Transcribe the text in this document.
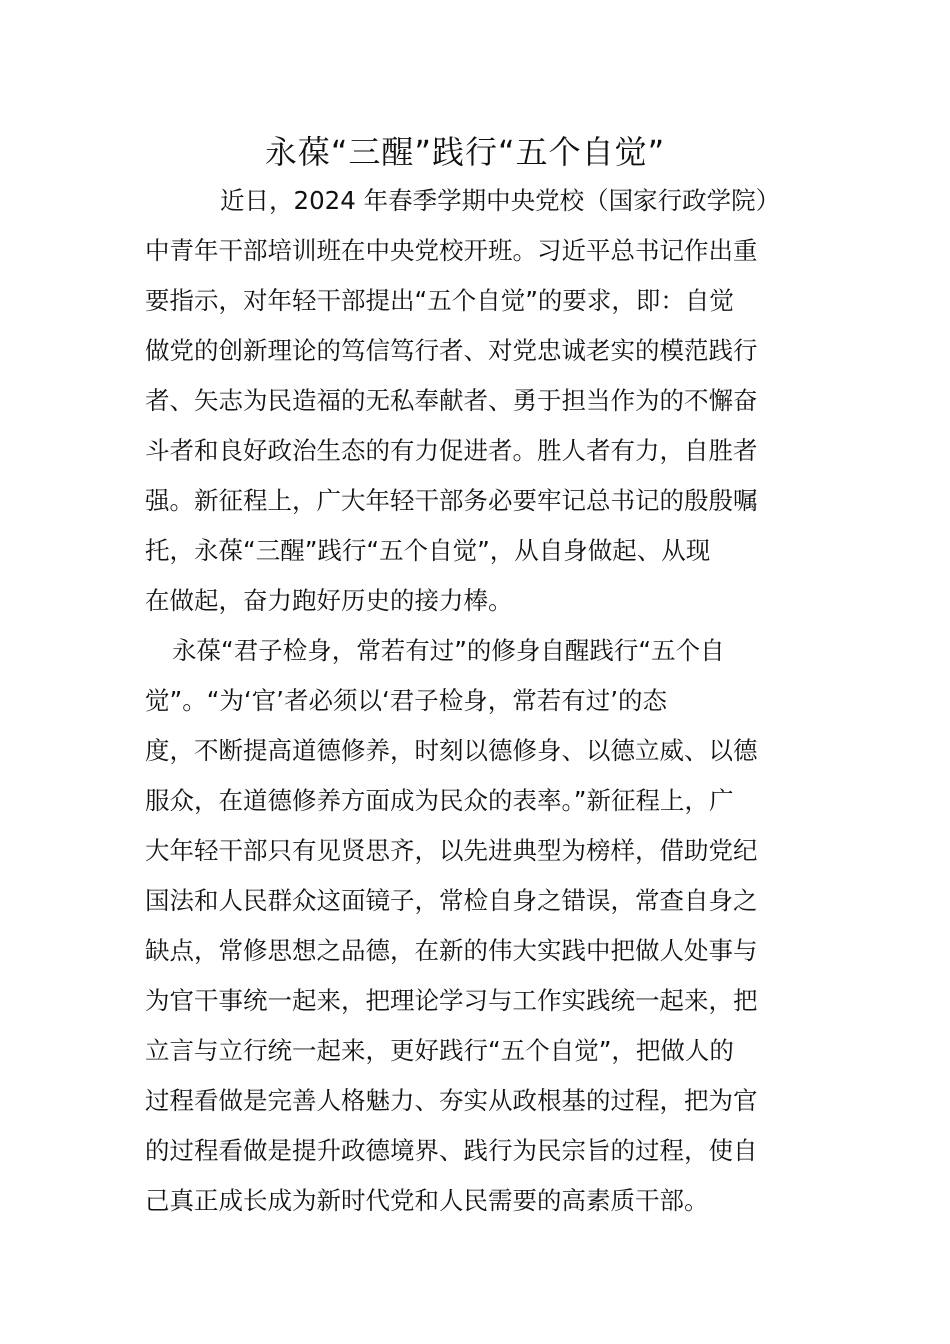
永葆“三醒”践行“五个自觉”
近日，2024 年春季学期中央党校（国家行政学院）
中青年干部培训班在中央党校开班。习近平总书记作出重
要指示，对年轻干部提出“五个自觉”的要求，即：自觉
做党的创新理论的笃信笃行者、对党忠诚老实的模范践行
者、矢志为民造福的无私奉献者、勇于担当作为的不懈奋
斗者和良好政治生态的有力促进者。胜人者有力，自胜者
强。新征程上，广大年轻干部务必要牢记总书记的殷殷嘱
托，永葆“三醒”践行“五个自觉”，从自身做起、从现
在做起，奋力跑好历史的接力棒。
永葆“君子检身，常若有过”的修身自醒践行“五个自
觉”。“为‘官’者必须以‘君子检身，常若有过’的态
度，不断提高道德修养，时刻以德修身、以德立威、以德
服众，在道德修养方面成为民众的表率。”新征程上，广
大年轻干部只有见贤思齐，以先进典型为榜样，借助党纪
国法和人民群众这面镜子，常检自身之错误，常查自身之
缺点，常修思想之品德，在新的伟大实践中把做人处事与
为官干事统一起来，把理论学习与工作实践统一起来，把
立言与立行统一起来，更好践行“五个自觉”，把做人的
过程看做是完善人格魅力、夯实从政根基的过程，把为官
的过程看做是提升政德境界、践行为民宗旨的过程，使自
己真正成长成为新时代党和人民需要的高素质干部。
